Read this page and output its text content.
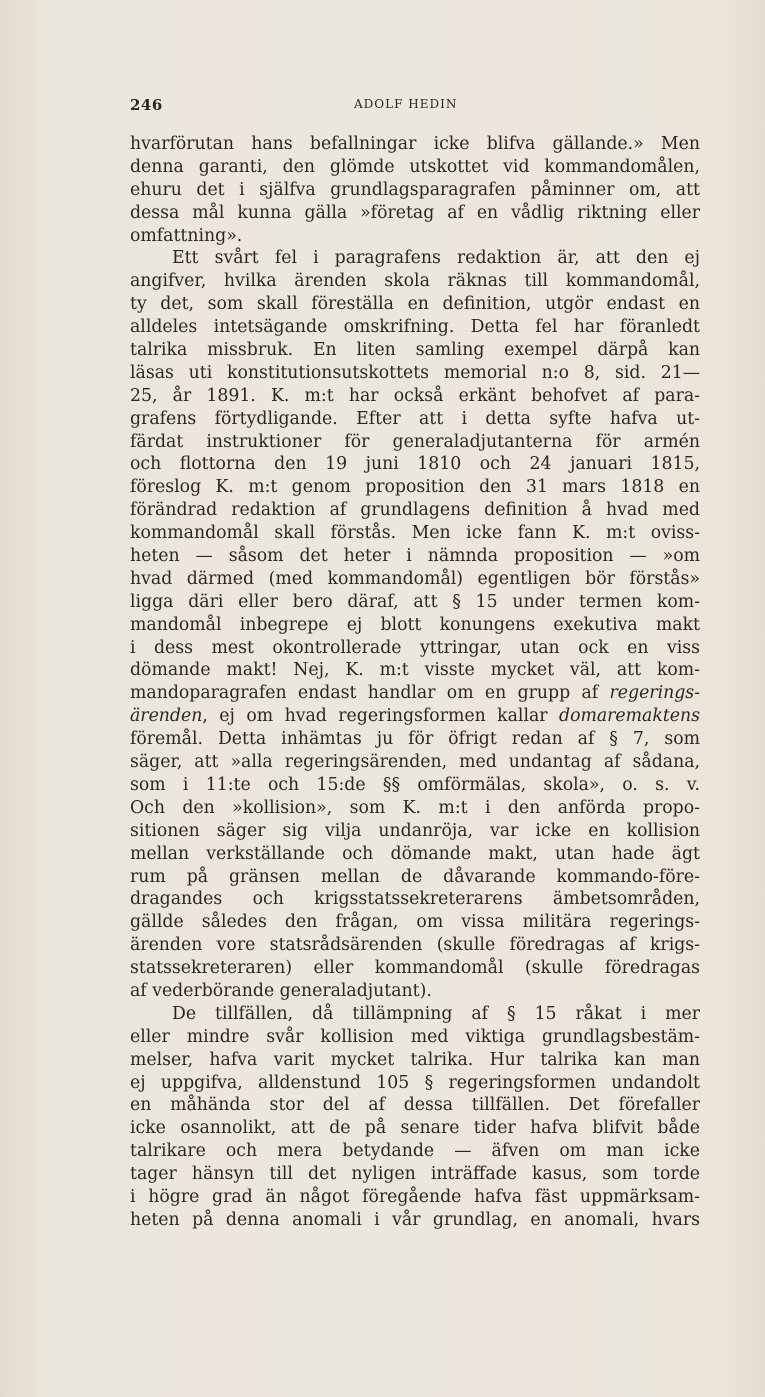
246	ADOLF HEDIN
hvarförutan hans befallningar icke blifva gällande.» Men
denna garanti, den glömde utskottet vid kommandomålen,
ehuru det i själfva grundlagsparagrafen påminner om, att
dessa mål kunna gälla »företag af en vådlig riktning eller
omfattning».
Ett svårt fel i paragrafens redaktion är, att den ej
angifver, hvilka ärenden skola räknas till kommandomål,
ty det, som skall föreställa en definition, utgör endast en
alldeles intetsägande omskrifning. Detta fel har föranledt
talrika missbruk. En liten samling exempel därpå kan
läsas uti konstitutionsutskottets memorial n:o 8, sid. 21—
25, år 1891. K. m:t har också erkänt behofvet af para-
grafens förtydligande. Efter att i detta syfte hafva ut-
färdat instruktioner för generaladjutanterna för armén
och flottorna den 19 juni 1810 och 24 januari 1815,
föreslog K. m:t genom proposition den 31 mars 1818 en
förändrad redaktion af grundlagens definition å hvad med
kommandomål skall förstås. Men icke fann K. m:t oviss-
heten — såsom det heter i nämnda proposition — »om
hvad därmed (med kommandomål) egentligen bör förstås»
ligga däri eller bero däraf, att § 15 under termen kom-
mandomål inbegrepe ej blott konungens exekutiva makt
i dess mest okontrollerade yttringar, utan ock en viss
dömande makt! Nej, K. m:t visste mycket väl, att kom-
mandoparagrafen endast handlar om en grupp af regerings-
ärenden, ej om hvad regeringsformen kallar domaremaktens
föremål. Detta inhämtas ju för öfrigt redan af § 7, som
säger, att »alla regeringsärenden, med undantag af sådana,
som i 11:te och 15:de §§ omförmälas, skola», o. s. v.
Och den »kollision», som K. m:t i den anförda propo-
sitionen säger sig vilja undanröja, var icke en kollision
mellan verkställande och dömande makt, utan hade ägt
rum på gränsen mellan de dåvarande kommando-före-
dragandes och krigsstatssekreterarens ämbetsområden,
gällde således den frågan, om vissa militära regerings-
ärenden vore statsrådsärenden (skulle föredragas af krigs-
statssekreteraren) eller kommandomål (skulle föredragas
af vederbörande generaladjutant).
De tillfällen, då tillämpning af § 15 råkat i mer
eller mindre svår kollision med viktiga grundlagsbestäm-
melser, hafva varit mycket talrika. Hur talrika kan man
ej uppgifva, alldenstund 105 § regeringsformen undandolt
en måhända stor del af dessa tillfällen. Det förefaller
icke osannolikt, att de på senare tider hafva blifvit både
talrikare och mera betydande — äfven om man icke
tager hänsyn till det nyligen inträffade kasus, som torde
i högre grad än något föregående hafva fäst uppmärksam-
heten på denna anomali i vår grundlag, en anomali, hvars
